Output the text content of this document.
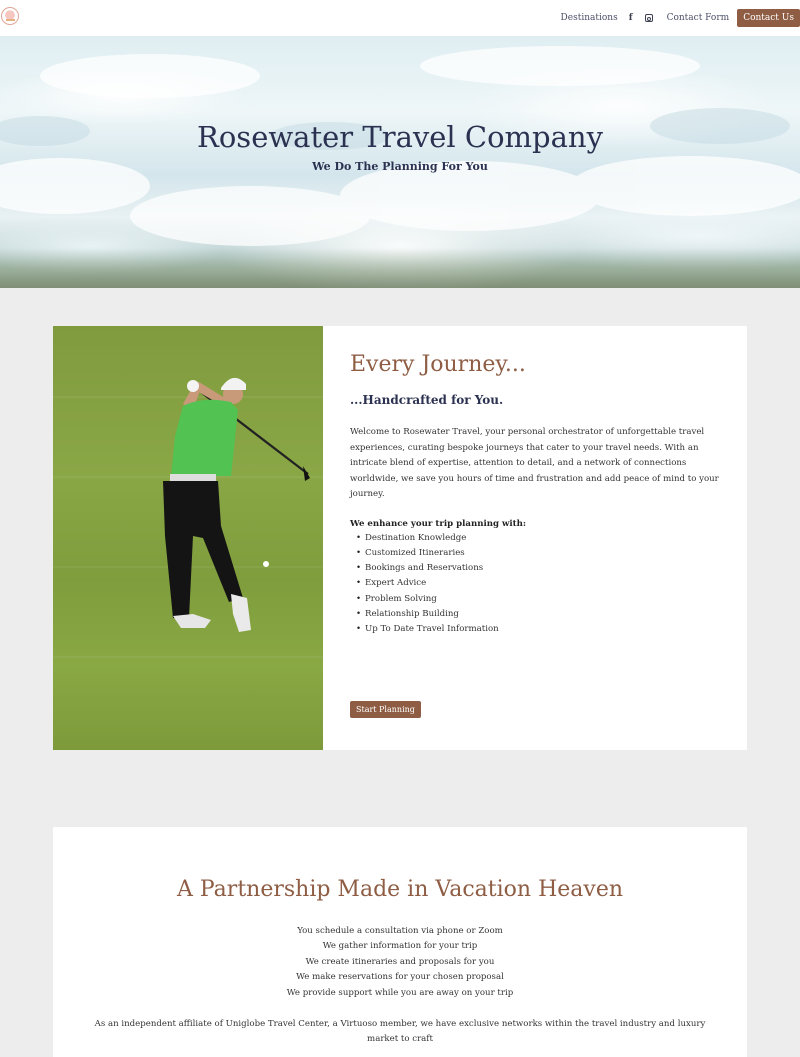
Destinations f	Contact Form	Contact Us
Rosewater Travel Company
We Do The Planning For You
Every Journey...
...Handcrafted for You.

Welcome to Rosewater Travel, your personal orchestrator of unforgettable travel experiences, curating bespoke journeys that cater to your travel needs. With an intricate blend of expertise, attention to detail, and a network of connections worldwide, we save you hours of time and frustration and add peace of mind to your journey.

We enhance your trip planning with:
• Destination Knowledge
• Customized Itineraries
• Bookings and Reservations
• Expert Advice
• Problem Solving
• Relationship Building
• Up To Date Travel Information
Start Planning
A Partnership Made in Vacation Heaven
You schedule a consultation via phone or Zoom
We gather information for your trip
We create itineraries and proposals for you
We make reservations for your chosen proposal
We provide support while you are away on your trip

As an independent affiliate of Uniglobe Travel Center, a Virtuoso member, we have exclusive networks within the travel industry and luxury market to craft
